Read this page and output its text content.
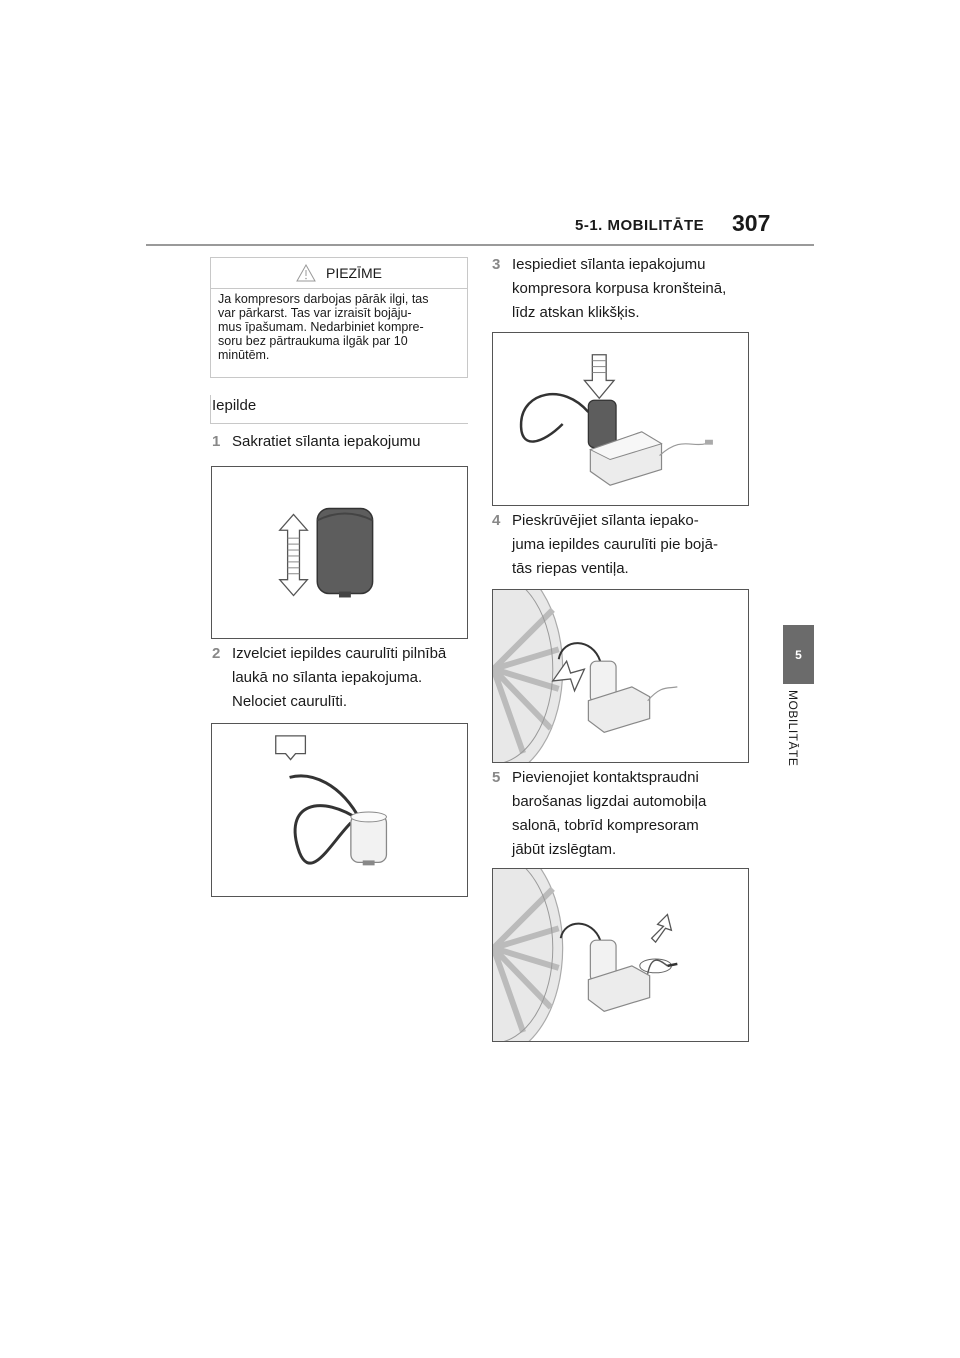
5-1. MOBILITĀTE 307
5
MOBILITĀTE
PIEZĪME
Ja kompresors darbojas pārāk ilgi, tas
var pārkarst. Tas var izraisīt bojāju-
mus īpašumam. Nedarbiniet kompre-
soru bez pārtraukuma ilgāk par 10
minūtēm.
Iepilde
1 Sakratiet sīlanta iepakojumu
2 Izvelciet iepildes caurulīti pilnībā
laukā no sīlanta iepakojuma.
Nelociet caurulīti.
3 Iespiediet sīlanta iepakojumu
kompresora korpusa kronšteinā,
līdz atskan klikšķis.
4 Pieskrūvējiet sīlanta iepako-
juma iepildes caurulīti pie bojā-
tās riepas ventiļa.
5 Pievienojiet kontaktspraudni
barošanas ligzdai automobiļa
salonā, tobrīd kompresoram
jābūt izslēgtam.
